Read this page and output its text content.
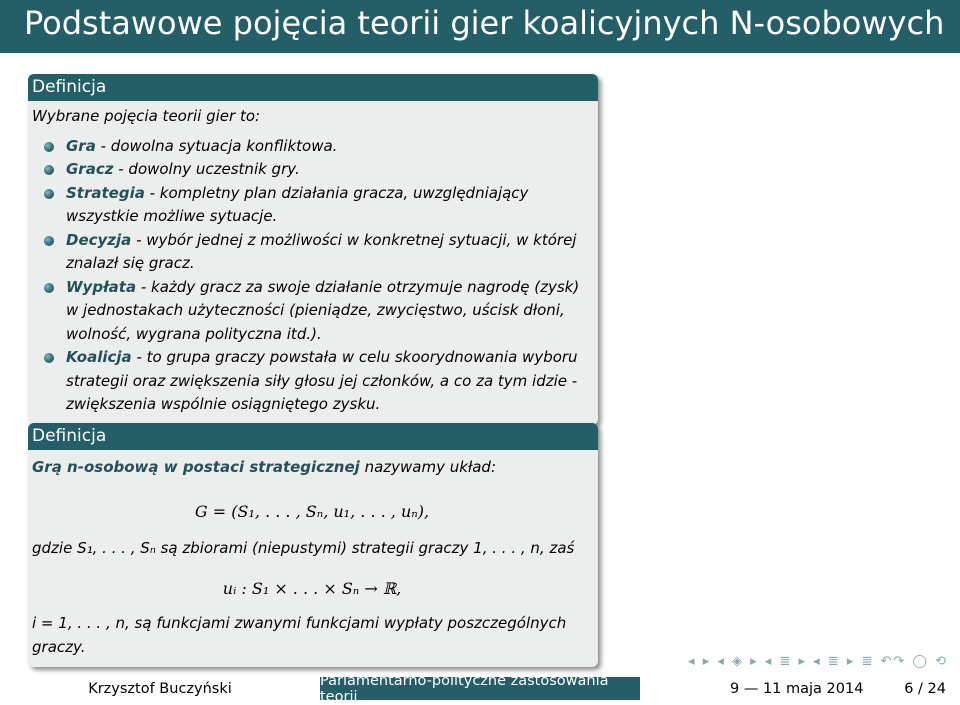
Podstawowe pojęcia teorii gier koalicyjnych N-osobowych
Definicja
Wybrane pojęcia teorii gier to:
Gra - dowolna sytuacja konfliktowa.
Gracz - dowolny uczestnik gry.
Strategia - kompletny plan działania gracza, uwzględniający wszystkie możliwe sytuacje.
Decyzja - wybór jednej z możliwości w konkretnej sytuacji, w której znalazł się gracz.
Wypłata - każdy gracz za swoje działanie otrzymuje nagrodę (zysk) w jednostakach użyteczności (pieniądze, zwycięstwo, uścisk dłoni, wolność, wygrana polityczna itd.).
Koalicja - to grupa graczy powstała w celu skoorydnowania wyboru strategii oraz zwiększenia siły głosu jej członków, a co za tym idzie - zwiększenia wspólnie osiągniętego zysku.
Definicja
Grą n-osobową w postaci strategicznej nazywamy układ:
G = (S₁, . . . , Sₙ, u₁, . . . , uₙ),
gdzie S₁, . . . , Sₙ są zbiorami (niepustymi) strategii graczy 1, . . . , n, zaś
uᵢ : S₁ × . . . × Sₙ → ℝ,
i = 1, . . . , n, są funkcjami zwanymi funkcjami wypłaty poszczególnych graczy.
◂ ▸ ◂ ◈ ▸ ◂ ≣ ▸ ◂ ≣ ▸ ≣ ↶↷ ◯ ⟲
Krzysztof Buczyński	Parlamentarno-polityczne zastosowania teorii	9 — 11 maja 2014	6 / 24
